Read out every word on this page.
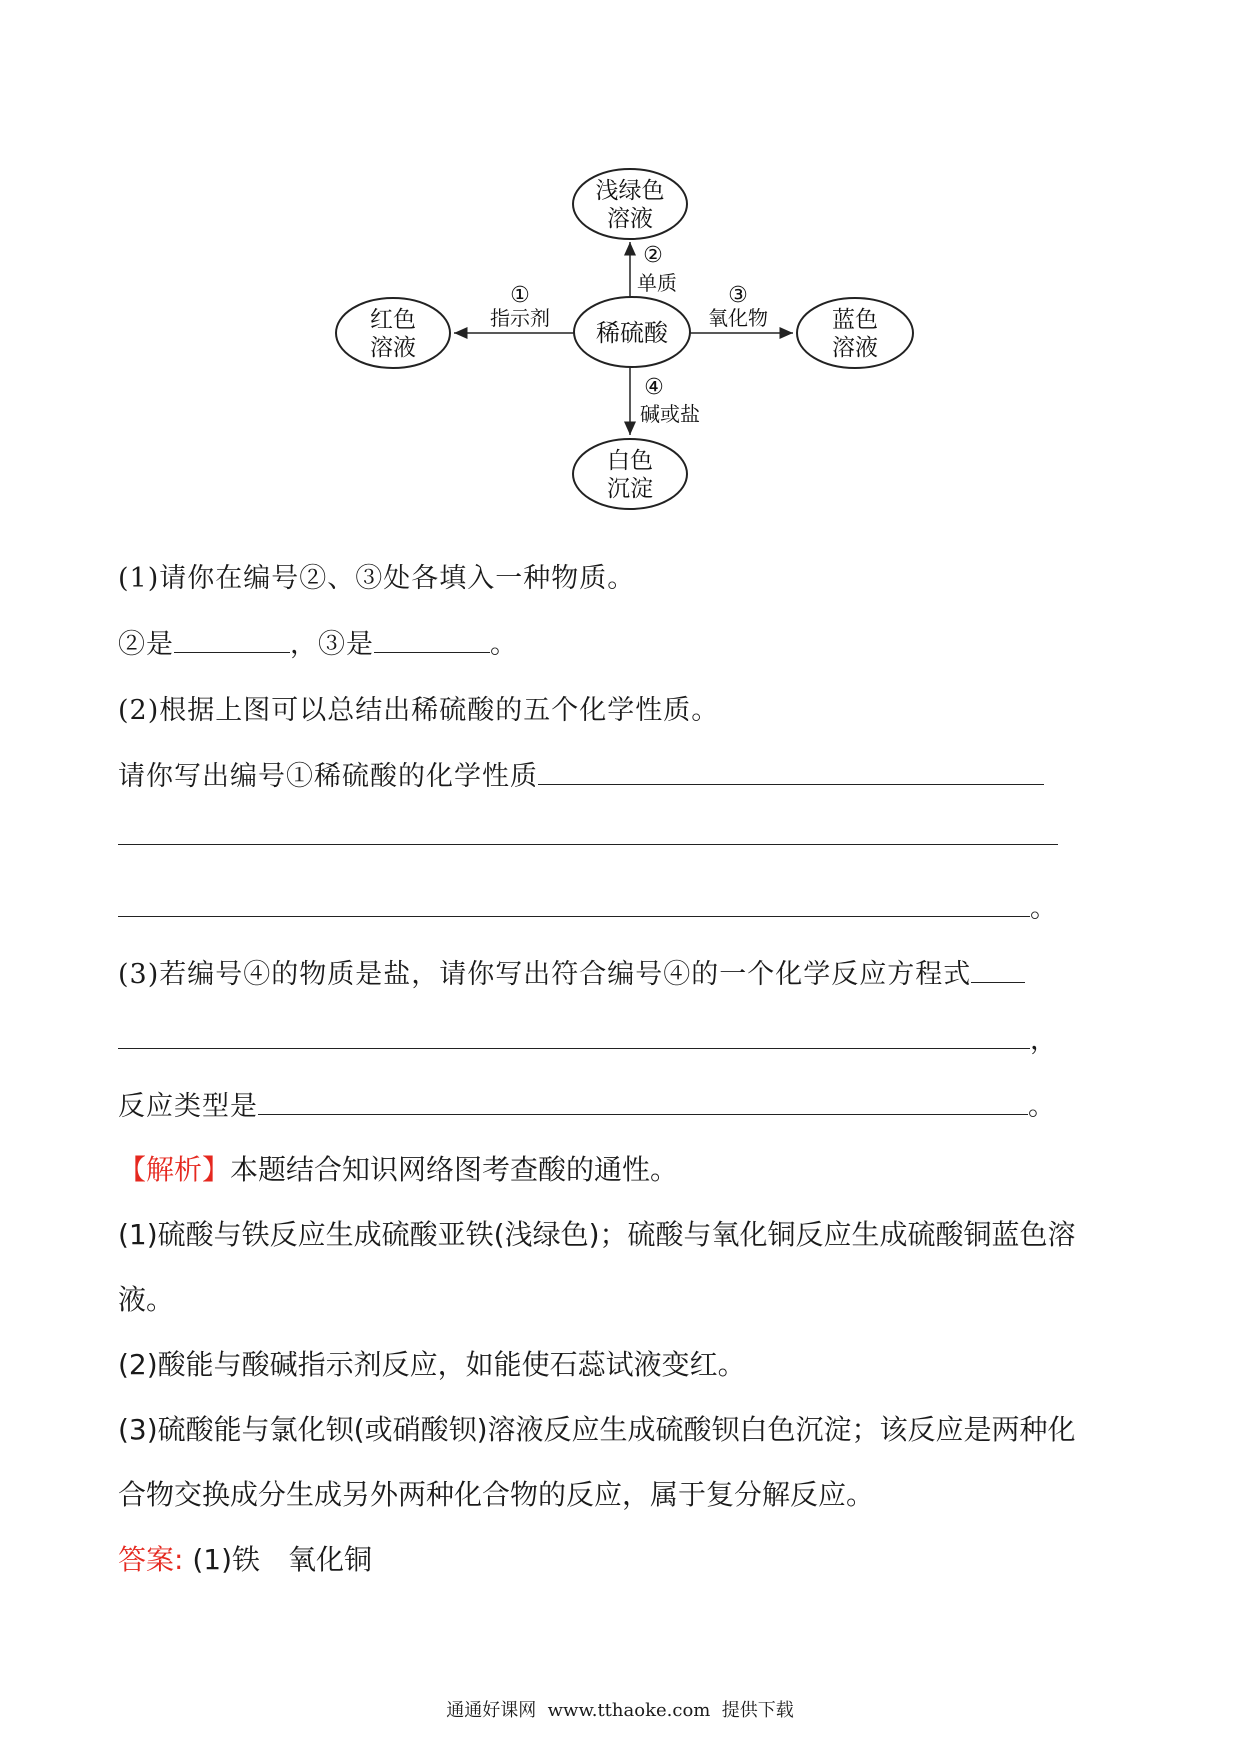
稀硫酸
浅绿色
溶液
红色
溶液
蓝色
溶液
白色
沉淀
①
指示剂
②
单质 ③
氧化物
④
碱或盐
(1)请你在编号②、③处各填入一种物质。
②是	，③是	。
(2)根据上图可以总结出稀硫酸的五个化学性质。
请你写出编号①稀硫酸的化学性质
。
(3)若编号④的物质是盐，请你写出符合编号④的一个化学反应方程式
，
反应类型是	。
【解析】本题结合知识网络图考查酸的通性。
(1)硫酸与铁反应生成硫酸亚铁(浅绿色)；硫酸与氧化铜反应生成硫酸铜蓝色溶
液。
(2)酸能与酸碱指示剂反应，如能使石蕊试液变红。
(3)硫酸能与氯化钡(或硝酸钡)溶液反应生成硫酸钡白色沉淀；该反应是两种化
合物交换成分生成另外两种化合物的反应，属于复分解反应。
答案: (1)铁　氧化铜
通通好课网  www.tthaoke.com  提供下载
